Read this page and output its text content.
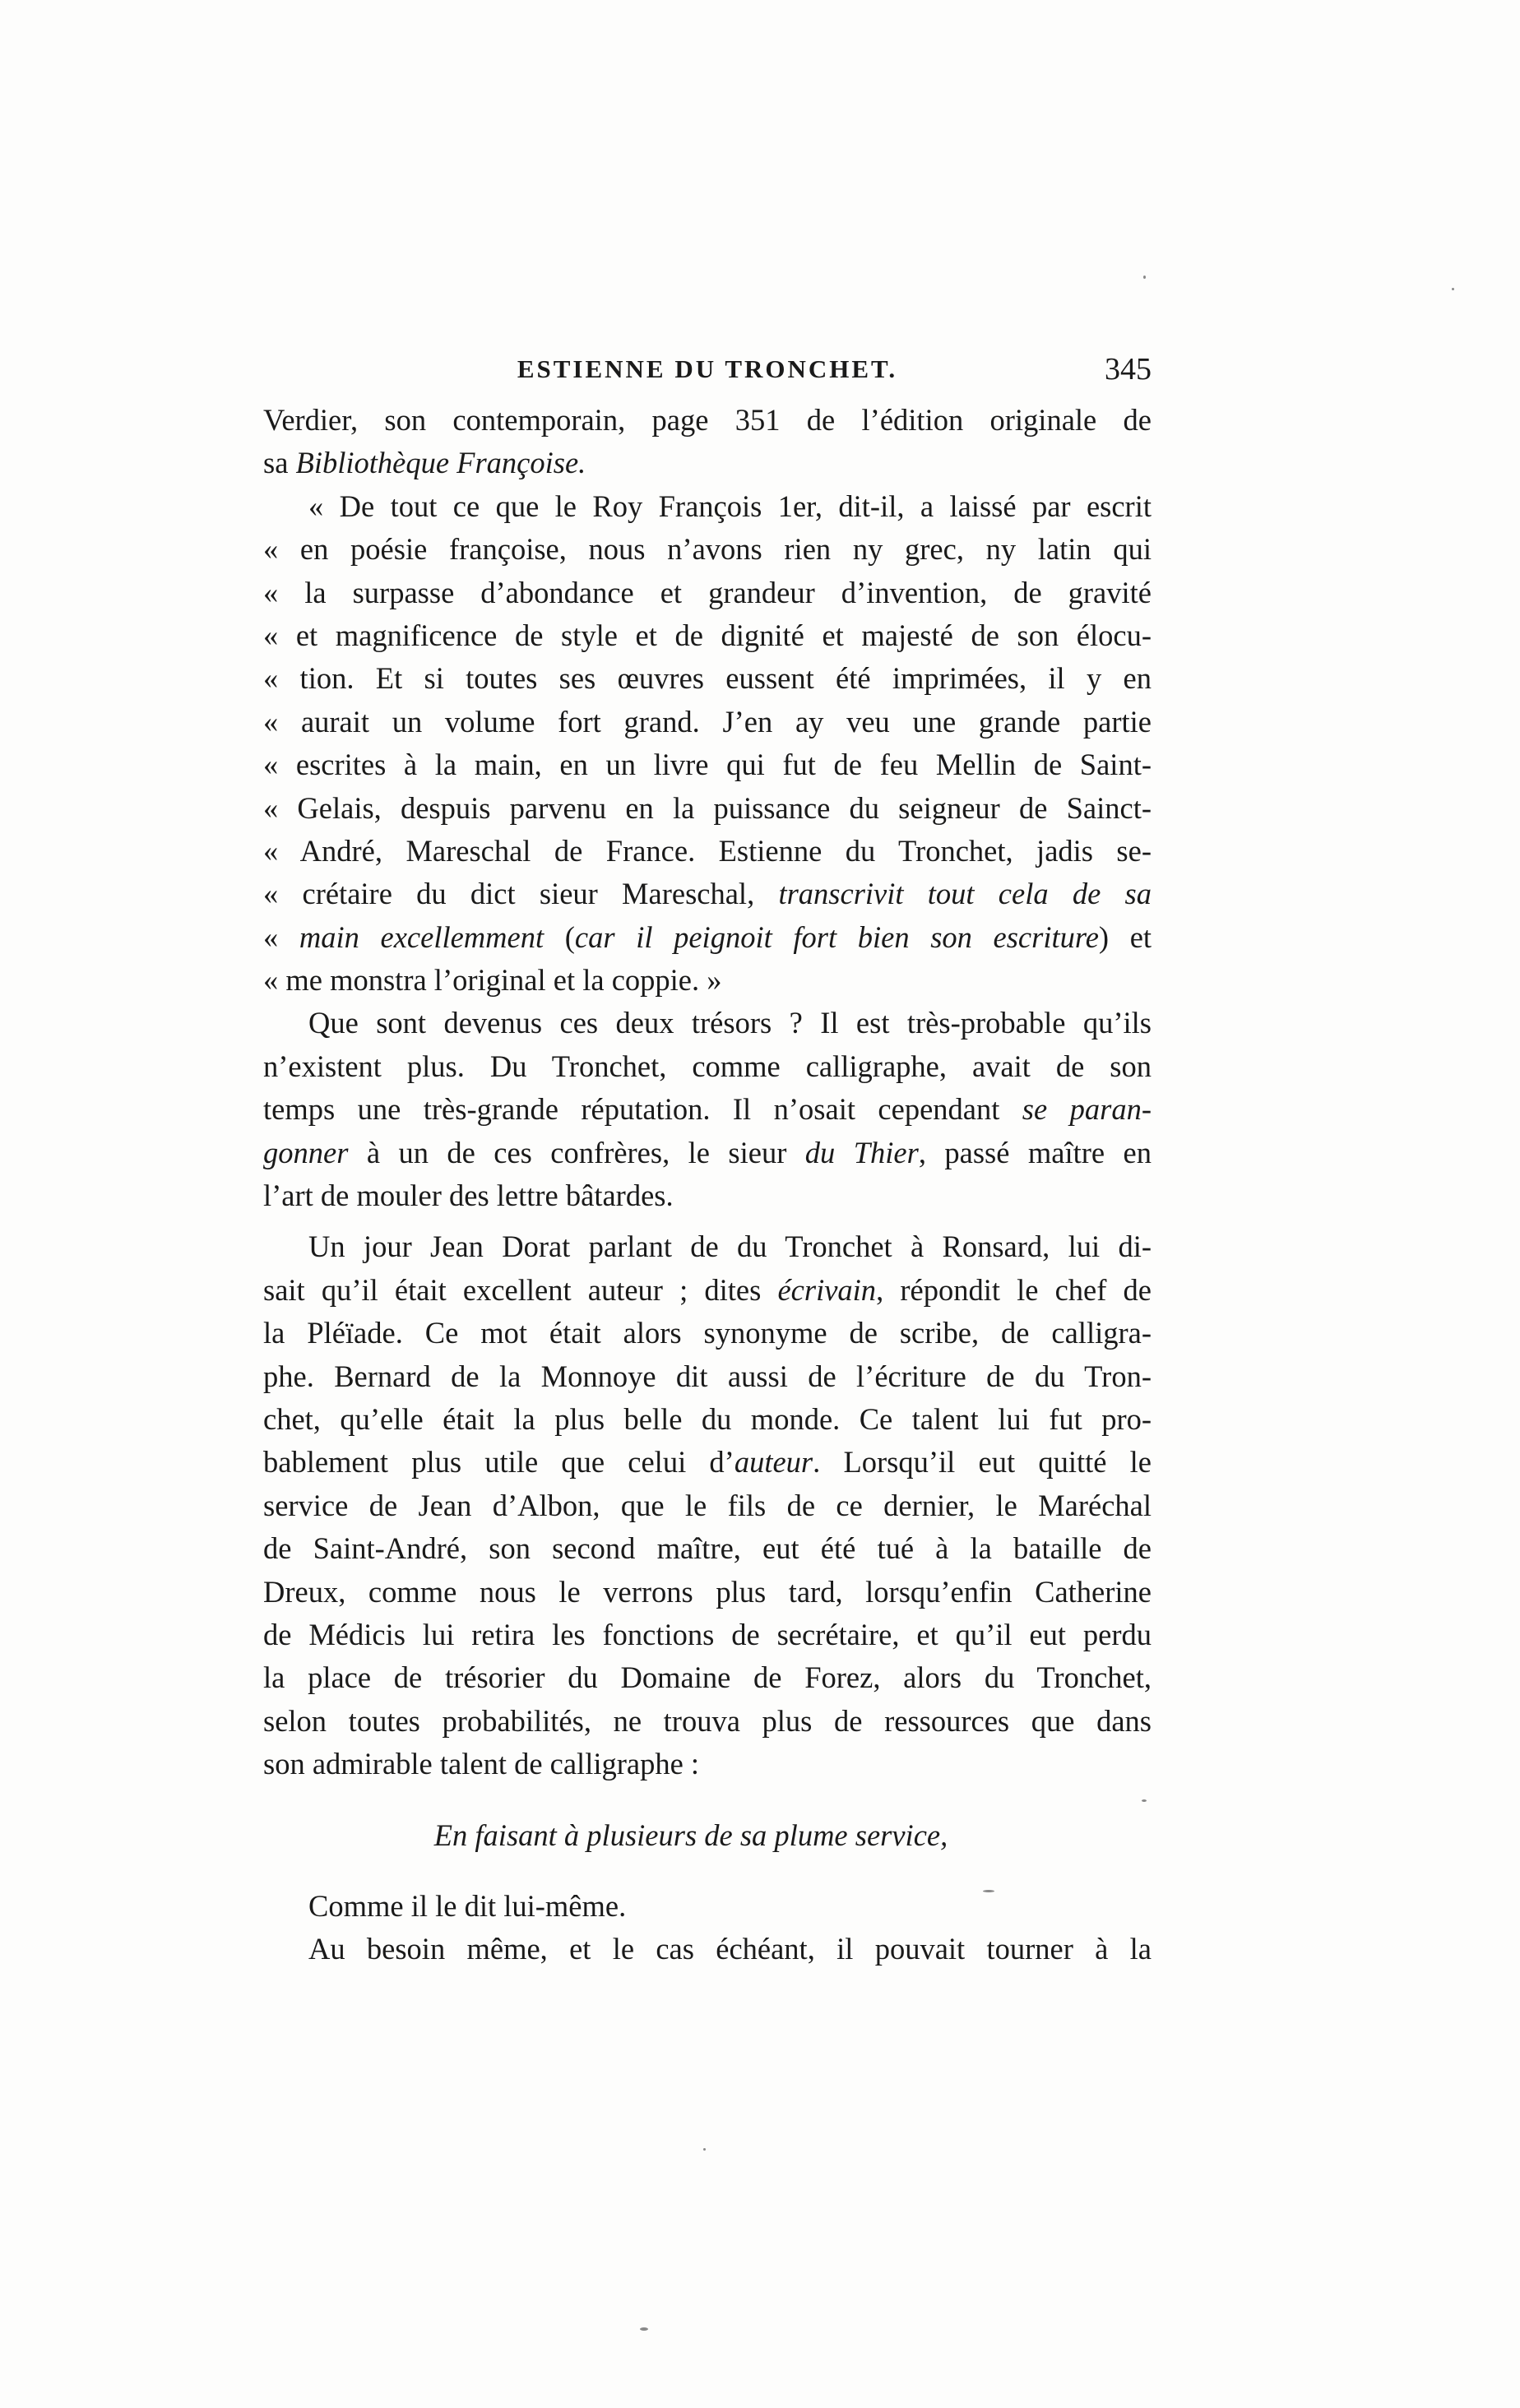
ESTIENNE DU TRONCHET.	345
Verdier, son contemporain, page 351 de l’édition originale de
sa Bibliothèque Françoise.
« De tout ce que le Roy François 1er, dit-il, a laissé par escrit
« en poésie françoise, nous n’avons rien ny grec, ny latin qui
« la surpasse d’abondance et grandeur d’invention, de gravité
« et magnificence de style et de dignité et majesté de son élocu-
« tion. Et si toutes ses œuvres eussent été imprimées, il y en
« aurait un volume fort grand. J’en ay veu une grande partie
« escrites à la main, en un livre qui fut de feu Mellin de Saint-
« Gelais, despuis parvenu en la puissance du seigneur de Sainct-
« André, Mareschal de France. Estienne du Tronchet, jadis se-
« crétaire du dict sieur Mareschal, transcrivit tout cela de sa
« main excellemment (car il peignoit fort bien son escriture) et
« me monstra l’original et la coppie. »
Que sont devenus ces deux trésors ? Il est très-probable qu’ils
n’existent plus. Du Tronchet, comme calligraphe, avait de son
temps une très-grande réputation. Il n’osait cependant se paran-
gonner à un de ces confrères, le sieur du Thier, passé maître en
l’art de mouler des lettre bâtardes.
Un jour Jean Dorat parlant de du Tronchet à Ronsard, lui di-
sait qu’il était excellent auteur ; dites écrivain, répondit le chef de
la Pléïade. Ce mot était alors synonyme de scribe, de calligra-
phe. Bernard de la Monnoye dit aussi de l’écriture de du Tron-
chet, qu’elle était la plus belle du monde. Ce talent lui fut pro-
bablement plus utile que celui d’auteur. Lorsqu’il eut quitté le
service de Jean d’Albon, que le fils de ce dernier, le Maréchal
de Saint-André, son second maître, eut été tué à la bataille de
Dreux, comme nous le verrons plus tard, lorsqu’enfin Catherine
de Médicis lui retira les fonctions de secrétaire, et qu’il eut perdu
la place de trésorier du Domaine de Forez, alors du Tronchet,
selon toutes probabilités, ne trouva plus de ressources que dans
son admirable talent de calligraphe :
En faisant à plusieurs de sa plume service,
Comme il le dit lui-même.
Au besoin même, et le cas échéant, il pouvait tourner à la
